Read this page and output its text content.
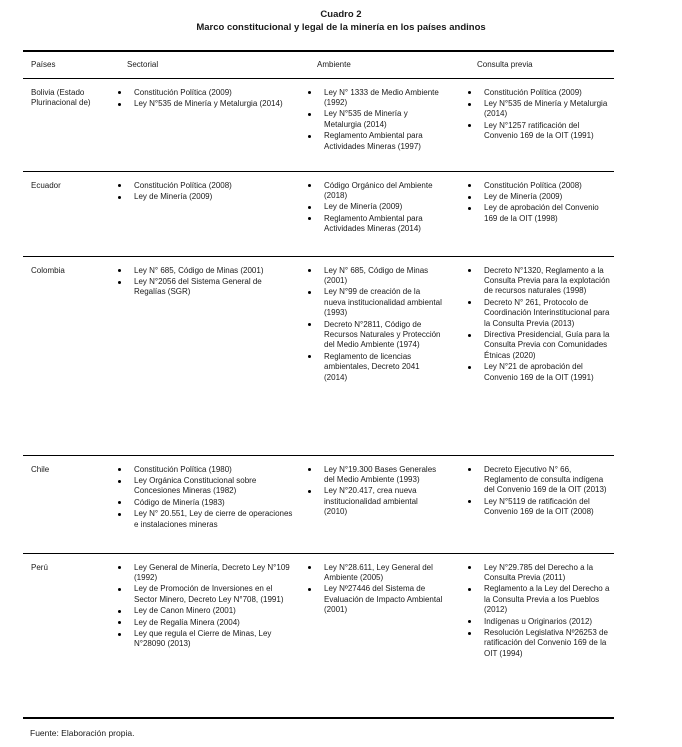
Cuadro 2
Marco constitucional y legal de la minería en los países andinos
Países	Sectorial	Ambiente	Consulta previa
Bolivia (Estado Plurinacional de)	
Constitución Política (2009)
Ley N°535 de Minería y Metalurgia (2014)

Ley N° 1333 de Medio Ambiente (1992)
Ley N°535 de Minería y Metalurgia (2014)
Reglamento Ambiental para Actividades Mineras (1997)

Constitución Política (2009)
Ley N°535 de Minería y Metalurgia (2014)
Ley N°1257 ratificación del Convenio 169 de la OIT (1991)

Ecuador	Constitución Política (2008)
Ley de Minería (2009)

Código Orgánico del Ambiente (2018)
Ley de Minería (2009)
Reglamento Ambiental para Actividades Mineras (2014)

Constitución Política (2008)
Ley de Minería (2009)
Ley de aprobación del Convenio 169 de la OIT (1998)

Colombia	Ley N° 685, Código de Minas (2001)
Ley N°2056 del Sistema General de Regalías (SGR)

Ley N° 685, Código de Minas (2001)
Ley N°99 de creación de la nueva institucionalidad ambiental (1993)
Decreto N°2811, Código de Recursos Naturales y Protección del Medio Ambiente (1974)
Reglamento de licencias ambientales, Decreto 2041 (2014)

Decreto N°1320, Reglamento a la Consulta Previa para la explotación de recursos naturales (1998)
Decreto N° 261, Protocolo de Coordinación Interinstitucional para la Consulta Previa (2013)
Directiva Presidencial, Guía para la Consulta Previa con Comunidades Étnicas (2020)
Ley N°21 de aprobación del Convenio 169 de la OIT (1991)

Chile	Constitución Política (1980)
Ley Orgánica Constitucional sobre Concesiones Mineras (1982)
Código de Minería (1983)
Ley N° 20.551, Ley de cierre de operaciones e instalaciones mineras

Ley N°19.300 Bases Generales del Medio Ambiente (1993)
Ley N°20.417, crea nueva institucionalidad ambiental (2010)

Decreto Ejecutivo N° 66, Reglamento de consulta indígena del Convenio 169 de la OIT (2013)
Ley N°5119 de ratificación del Convenio 169 de la OIT (2008)

Perú	Ley General de Minería, Decreto Ley N°109 (1992)
Ley de Promoción de Inversiones en el Sector Minero, Decreto Ley N°708, (1991)
Ley de Canon Minero (2001)
Ley de Regalía Minera (2004)
Ley que regula el Cierre de Minas, Ley N°28090 (2013)

Ley N°28.611, Ley General del Ambiente (2005)
Ley Nº27446 del Sistema de Evaluación de Impacto Ambiental (2001)

Ley N°29.785 del Derecho a la Consulta Previa (2011)
Reglamento a la Ley del Derecho a la Consulta Previa a los Pueblos (2012)
Indígenas u Originarios (2012)
Resolución Legislativa Nº26253 de ratificación del Convenio 169 de la OIT (1994)
Fuente: Elaboración propia.
